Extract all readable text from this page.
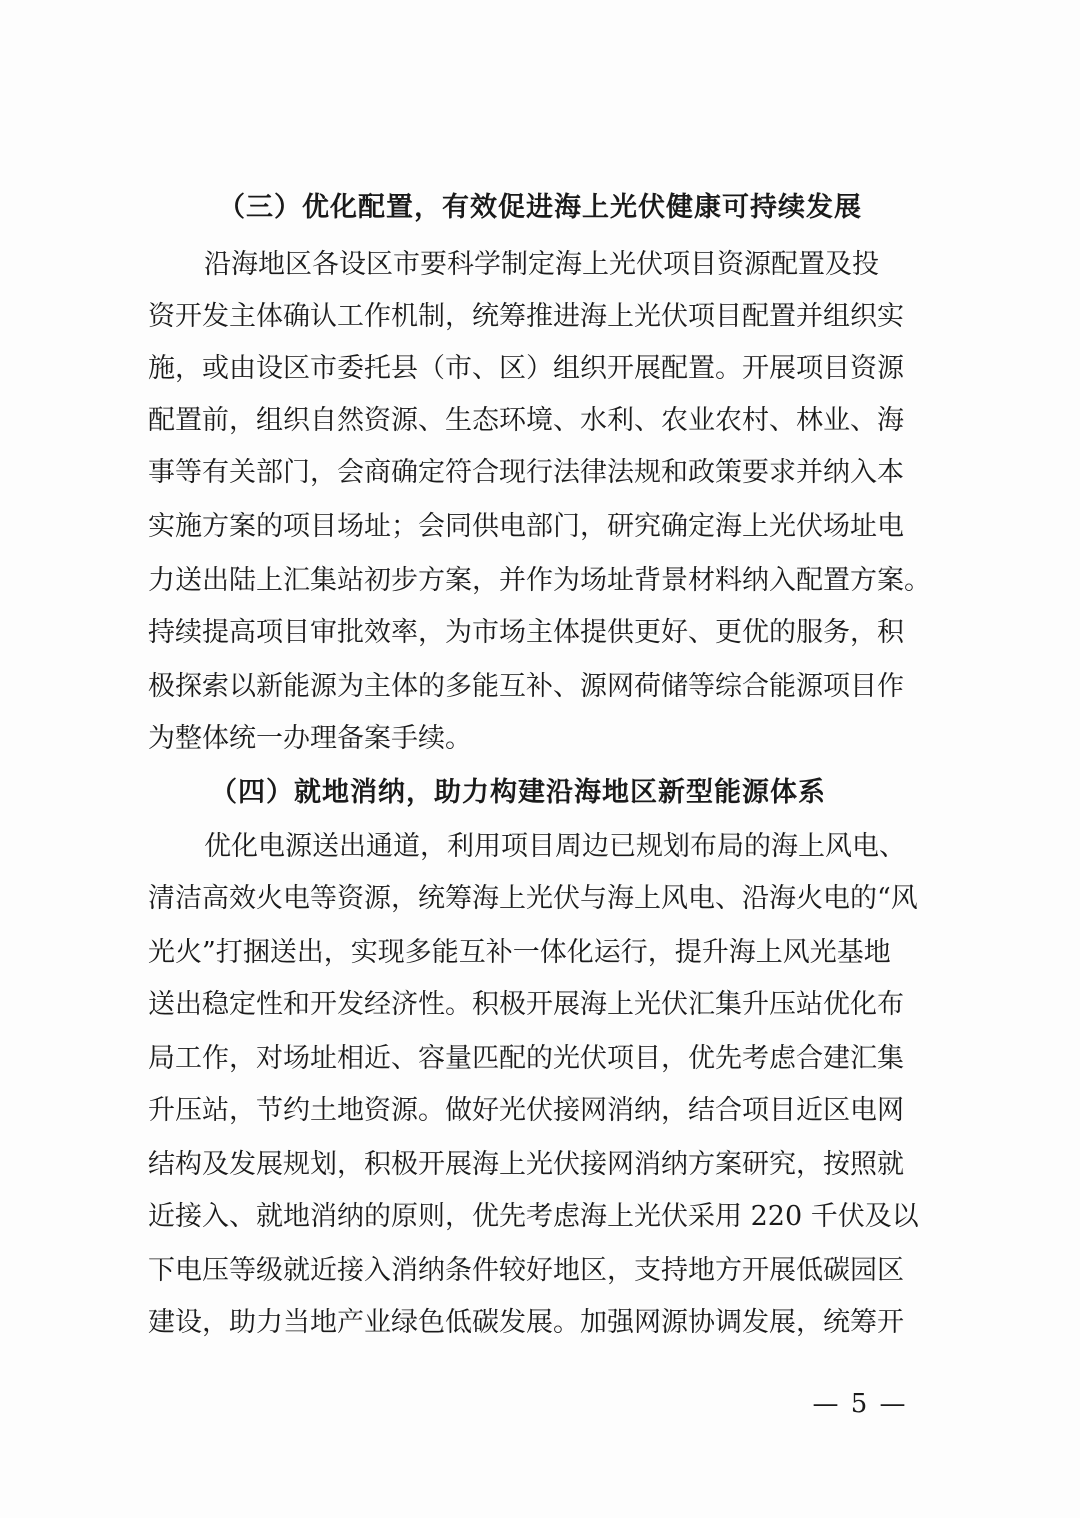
（三）优化配置，有效促进海上光伏健康可持续发展
沿海地区各设区市要科学制定海上光伏项目资源配置及投
资开发主体确认工作机制，统筹推进海上光伏项目配置并组织实
施，或由设区市委托县（市、区）组织开展配置。开展项目资源
配置前，组织自然资源、生态环境、水利、农业农村、林业、海
事等有关部门，会商确定符合现行法律法规和政策要求并纳入本
实施方案的项目场址；会同供电部门，研究确定海上光伏场址电
力送出陆上汇集站初步方案，并作为场址背景材料纳入配置方案。
持续提高项目审批效率，为市场主体提供更好、更优的服务，积
极探索以新能源为主体的多能互补、源网荷储等综合能源项目作
为整体统一办理备案手续。
（四）就地消纳，助力构建沿海地区新型能源体系
优化电源送出通道，利用项目周边已规划布局的海上风电、
清洁高效火电等资源，统筹海上光伏与海上风电、沿海火电的“风
光火”打捆送出，实现多能互补一体化运行，提升海上风光基地
送出稳定性和开发经济性。积极开展海上光伏汇集升压站优化布
局工作，对场址相近、容量匹配的光伏项目，优先考虑合建汇集
升压站，节约土地资源。做好光伏接网消纳，结合项目近区电网
结构及发展规划，积极开展海上光伏接网消纳方案研究，按照就
近接入、就地消纳的原则，优先考虑海上光伏采用 220 千伏及以
下电压等级就近接入消纳条件较好地区，支持地方开展低碳园区
建设，助力当地产业绿色低碳发展。加强网源协调发展，统筹开
— 5 —
